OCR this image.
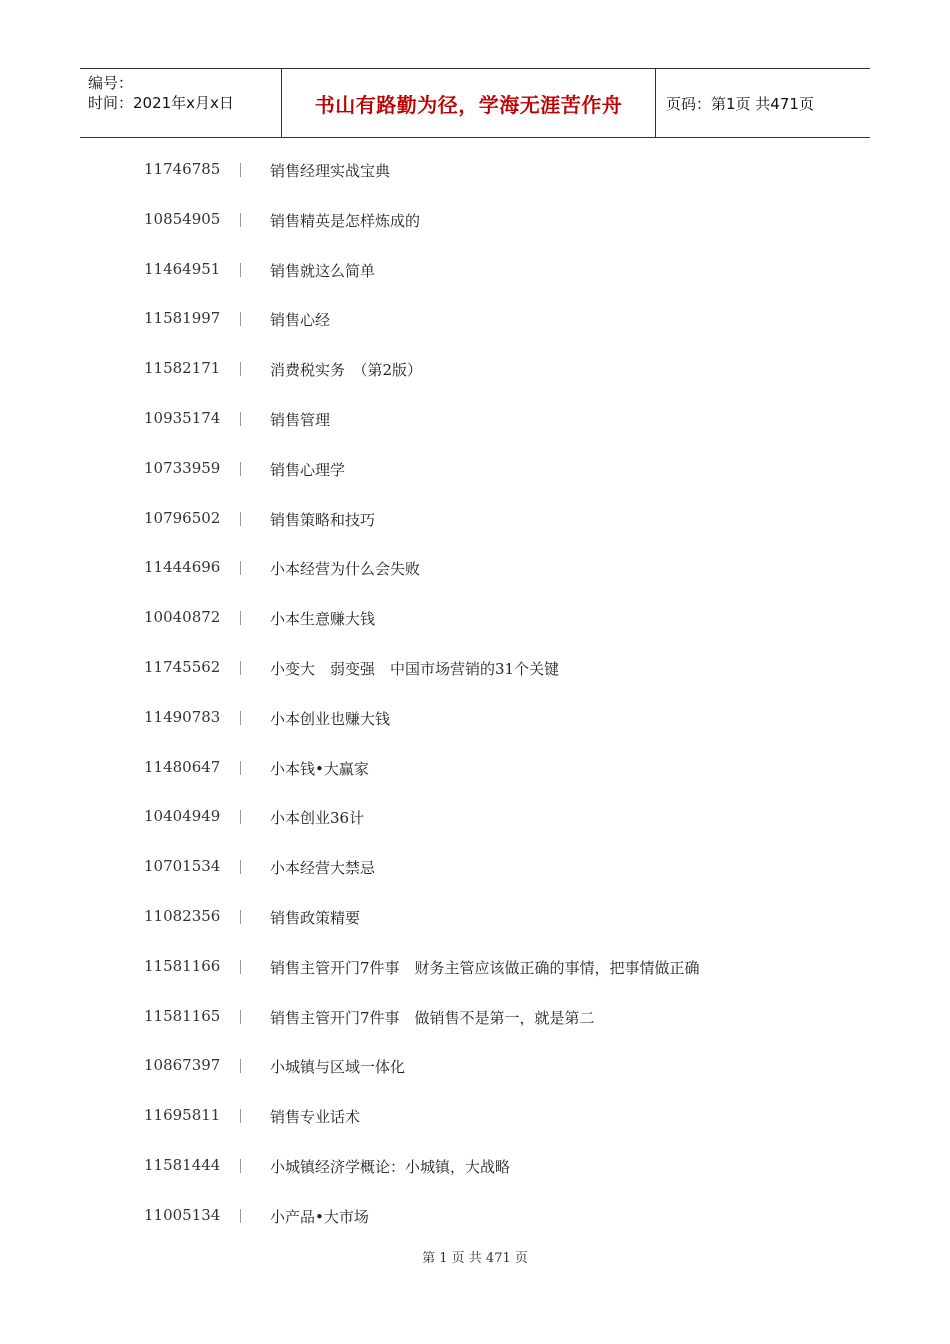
编号：
时间：2021年x月x日	书山有路勤为径，学海无涯苦作舟	页码：第1页 共471页
11746785	销售经理实战宝典
10854905	销售精英是怎样炼成的
11464951	销售就这么简单
11581997	销售心经
11582171	消费税实务　（第2版）
10935174	销售管理
10733959	销售心理学
10796502	销售策略和技巧
11444696	小本经营为什么会失败
10040872	小本生意赚大钱
11745562	小变大　弱变强　中国市场营销的31个关键
11490783	小本创业也赚大钱
11480647	小本钱•大赢家
10404949	小本创业36计
10701534	小本经营大禁忌
11082356	销售政策精要
11581166	销售主管开门7件事　财务主管应该做正确的事情，把事情做正确
11581165	销售主管开门7件事　做销售不是第一，就是第二
10867397	小城镇与区域一体化
11695811	销售专业话术
11581444	小城镇经济学概论：小城镇，大战略
11005134	小产品•大市场
第 1 页 共 471 页
